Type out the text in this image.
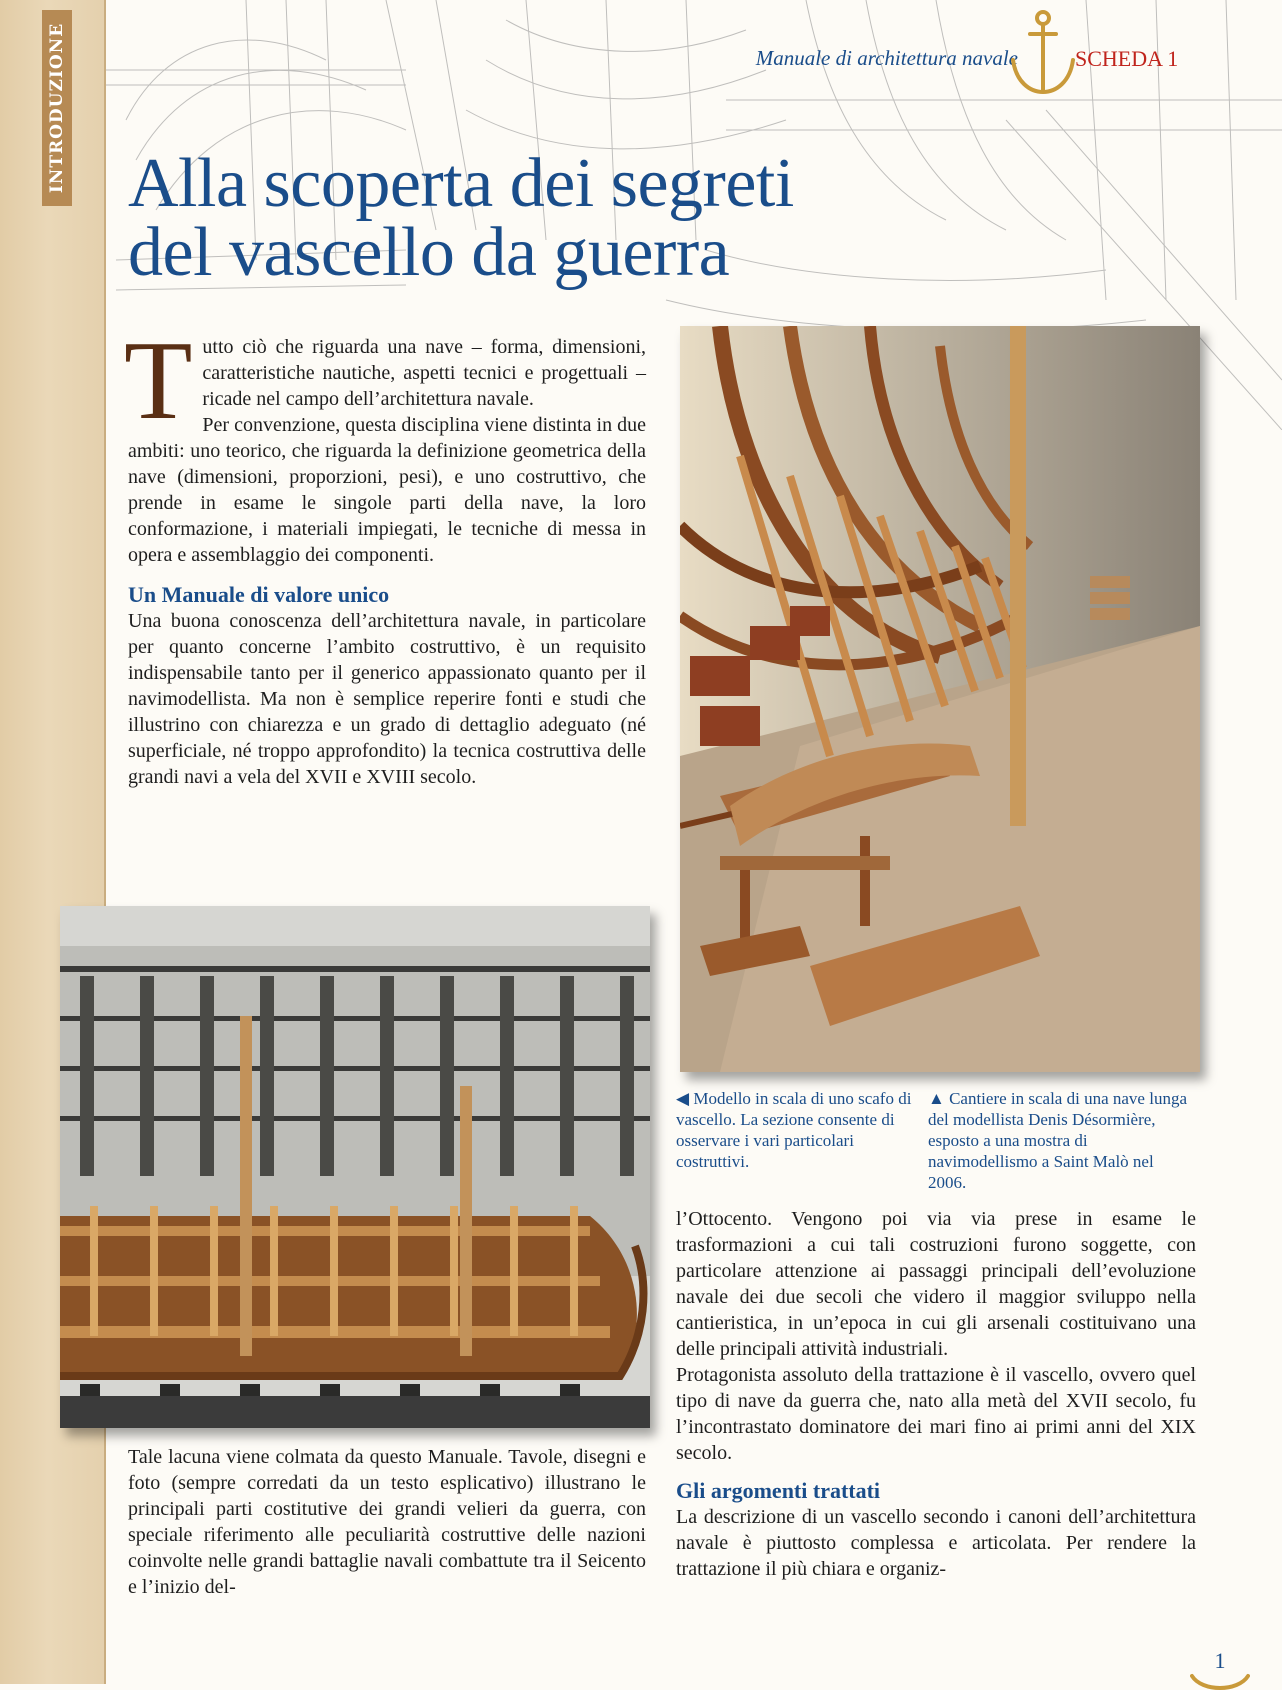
INTRODUZIONE	Manuale di architettura navale	SCHEDA 1
Alla scoperta dei segreti
del vascello da guerra
T utto ciò che riguarda una nave – forma, dimensioni, caratteristiche nautiche, aspetti tecnici e progettuali – ricade nel campo dell’architettura navale.

Per convenzione, questa disciplina viene distinta in due ambiti: uno teorico, che riguarda la definizione geometrica della nave (dimensioni, proporzioni, pesi), e uno costruttivo, che prende in esame le singole parti della nave, la loro conformazione, i materiali impiegati, le tecniche di messa in opera e assemblaggio dei componenti.

Un Manuale di valore unico

Una buona conoscenza dell’architettura navale, in particolare per quanto concerne l’ambito costruttivo, è un requisito indispensabile tanto per il generico appassionato quanto per il navimodellista. Ma non è semplice reperire fonti e studi che illustrino con chiarezza e un grado di dettaglio adeguato (né superficiale, né troppo approfondito) la tecnica costruttiva delle grandi navi a vela del XVII e XVIII secolo.

◀ Modello in scala di uno scafo di vascello. La sezione consente di osservare i vari particolari costruttivi.
▲ Cantiere in scala di una nave lunga del modellista Denis Désormière, esposto a una mostra di navimodellismo a Saint Malò nel 2006.

Tale lacuna viene colmata da questo Manuale. Tavole, disegni e foto (sempre corredati da un testo esplicativo) illustrano le principali parti costitutive dei grandi velieri da guerra, con speciale riferimento alle peculiarità costruttive delle nazioni coinvolte nelle grandi battaglie navali combattute tra il Seicento e l’inizio del-

l’Ottocento. Vengono poi via via prese in esame le trasformazioni a cui tali costruzioni furono soggette, con particolare attenzione ai passaggi principali dell’evoluzione navale dei due secoli che videro il maggior sviluppo nella cantieristica, in un’epoca in cui gli arsenali costituivano una delle principali attività industriali.

Protagonista assoluto della trattazione è il vascello, ovvero quel tipo di nave da guerra che, nato alla metà del XVII secolo, fu l’incontrastato dominatore dei mari fino ai primi anni del XIX secolo.

Gli argomenti trattati

La descrizione di un vascello secondo i canoni dell’architettura navale è piuttosto complessa e articolata. Per rendere la trattazione il più chiara e organiz-

1
